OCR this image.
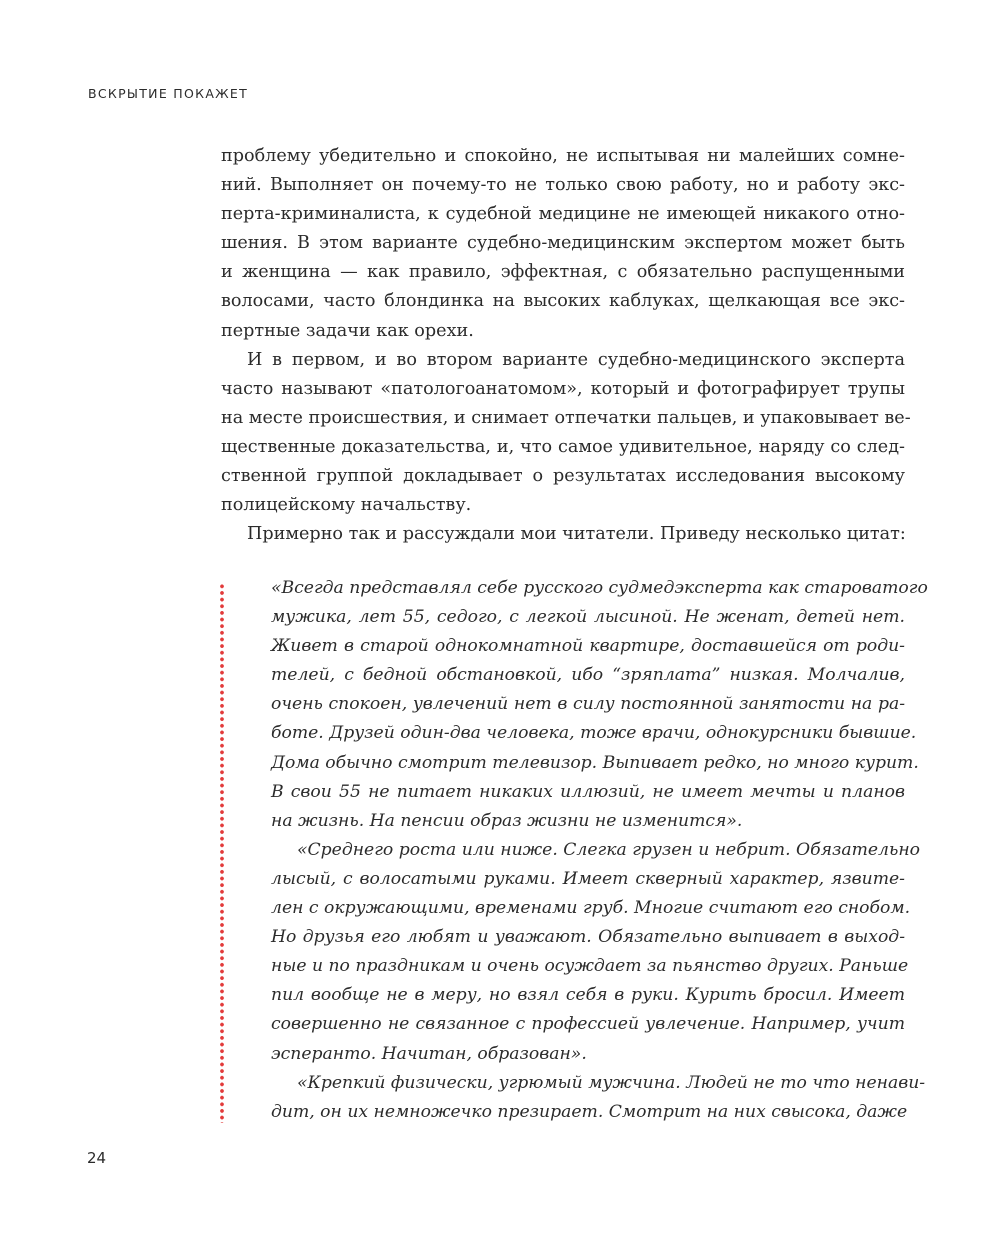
ВСКРЫТИЕ ПОКАЖЕТ
проблему убедительно и спокойно, не испытывая ни малейших сомне-
ний. Выполняет он почему-то не только свою работу, но и работу экс-
перта-криминалиста, к судебной медицине не имеющей никакого отно-
шения. В этом варианте судебно-медицинским экспертом может быть
и женщина — как правило, эффектная, с обязательно распущенными
волосами, часто блондинка на высоких каблуках, щелкающая все экс-
пертные задачи как орехи.
И в первом, и во втором варианте судебно-медицинского эксперта
часто называют «патологоанатомом», который и фотографирует трупы
на месте происшествия, и снимает отпечатки пальцев, и упаковывает ве-
щественные доказательства, и, что самое удивительное, наряду со след-
ственной группой докладывает о результатах исследования высокому
полицейскому начальству.
Примерно так и рассуждали мои читатели. Приведу несколько цитат:
«Всегда представлял себе русского судмедэксперта как староватого
мужика, лет 55, седого, с легкой лысиной. Не женат, детей нет.
Живет в старой однокомнатной квартире, доставшейся от роди-
телей, с бедной обстановкой, ибо “зряплата” низкая. Молчалив,
очень спокоен, увлечений нет в силу постоянной занятости на ра-
боте. Друзей один-два человека, тоже врачи, однокурсники бывшие.
Дома обычно смотрит телевизор. Выпивает редко, но много курит.
В свои 55 не питает никаких иллюзий, не имеет мечты и планов
на жизнь. На пенсии образ жизни не изменится».
«Среднего роста или ниже. Слегка грузен и небрит. Обязательно
лысый, с волосатыми руками. Имеет скверный характер, язвите-
лен с окружающими, временами груб. Многие считают его снобом.
Но друзья его любят и уважают. Обязательно выпивает в выход-
ные и по праздникам и очень осуждает за пьянство других. Раньше
пил вообще не в меру, но взял себя в руки. Курить бросил. Имеет
совершенно не связанное с профессией увлечение. Например, учит
эсперанто. Начитан, образован».
«Крепкий физически, угрюмый мужчина. Людей не то что ненави-
дит, он их немножечко презирает. Смотрит на них свысока, даже
24
